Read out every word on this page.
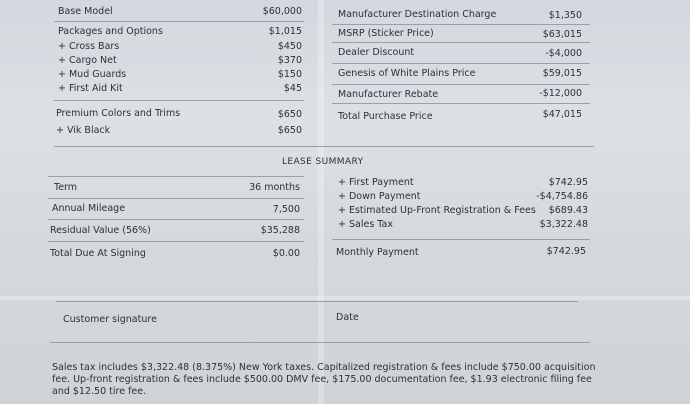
Base Model	$60,000
Packages and Options	$1,015
+ Cross Bars	$450
+ Cargo Net	$370
+ Mud Guards	$150
+ First Aid Kit	$45
Premium Colors and Trims	$650
+ Vik Black	$650
Manufacturer Destination Charge	$1,350
MSRP (Sticker Price)	$63,015
Dealer Discount	-$4,000
Genesis of White Plains Price	$59,015
Manufacturer Rebate	-$12,000
Total Purchase Price	$47,015
LEASE SUMMARY
Term	36 months
Annual Mileage	7,500
Residual Value (56%)	$35,288
Total Due At Signing	$0.00
+ First Payment	$742.95
+ Down Payment	-$4,754.86
+ Estimated Up-Front Registration & Fees	$689.43
+ Sales Tax	$3,322.48
Monthly Payment	$742.95
Customer signature	Date
Sales tax includes $3,322.48 (8.375%) New York taxes. Capitalized registration & fees include $750.00 acquisition fee. Up-front registration & fees include $500.00 DMV fee, $175.00 documentation fee, $1.93 electronic filing fee and $12.50 tire fee.
